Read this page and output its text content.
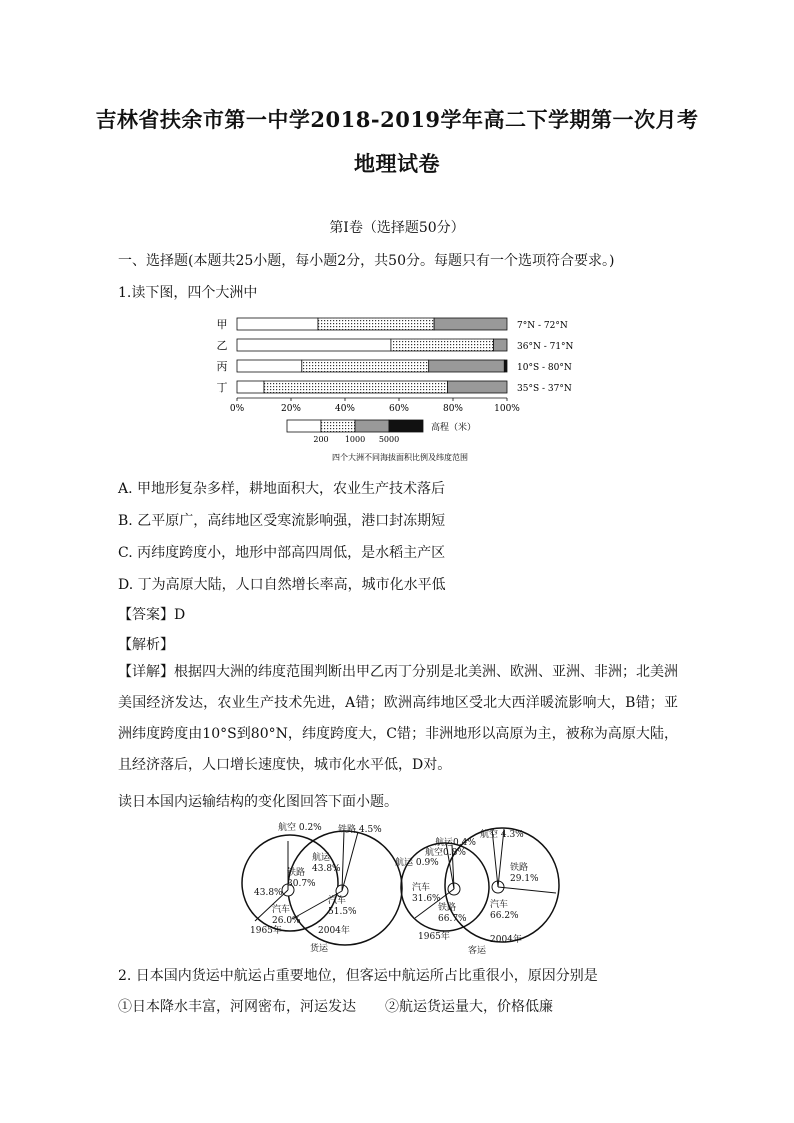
吉林省扶余市第一中学2018-2019学年高二下学期第一次月考
地理试卷
第Ⅰ卷（选择题50分）
一、选择题(本题共25小题，每小题2分，共50分。每题只有一个选项符合要求。)
1.读下图，四个大洲中
甲	7°N - 72°N
乙	36°N - 71°N
丙	10°S - 80°N
丁	35°S - 37°N
0%	20%	40%	60%	80%	100%
200 1000 5000
高程（米）
四个大洲不同海拔面积比例及纬度范围
A. 甲地形复杂多样，耕地面积大，农业生产技术落后
B. 乙平原广，高纬地区受寒流影响强，港口封冻期短
C. 丙纬度跨度小，地形中部高四周低，是水稻主产区
D. 丁为高原大陆，人口自然增长率高，城市化水平低
【答案】D
【解析】
【详解】根据四大洲的纬度范围判断出甲乙丙丁分别是北美洲、欧洲、亚洲、非洲；北美洲美国经济发达，农业生产技术先进，A错；欧洲高纬地区受北大西洋暖流影响大，B错；亚洲纬度跨度由10°S到80°N，纬度跨度大，C错；非洲地形以高原为主，被称为高原大陆，且经济落后，人口增长速度快，城市化水平低，D对。
读日本国内运输结构的变化图回答下面小题。
航空 0.2% 铁路 4.5%
航运 43.8%
43.8%
铁路 30.7%
汽车 26.0%
汽车 51.5%
1965年	2004年
货运
航运0.4%
航空0.8%
航运 0.9%
航空 4.3%
汽车 31.6%
铁路 66.7%
铁路 29.1%
汽车 66.2%
1965年	2004年
客运
2. 日本国内货运中航运占重要地位，但客运中航运所占比重很小，原因分别是
①日本降水丰富，河网密布，河运发达	②航运货运量大，价格低廉
